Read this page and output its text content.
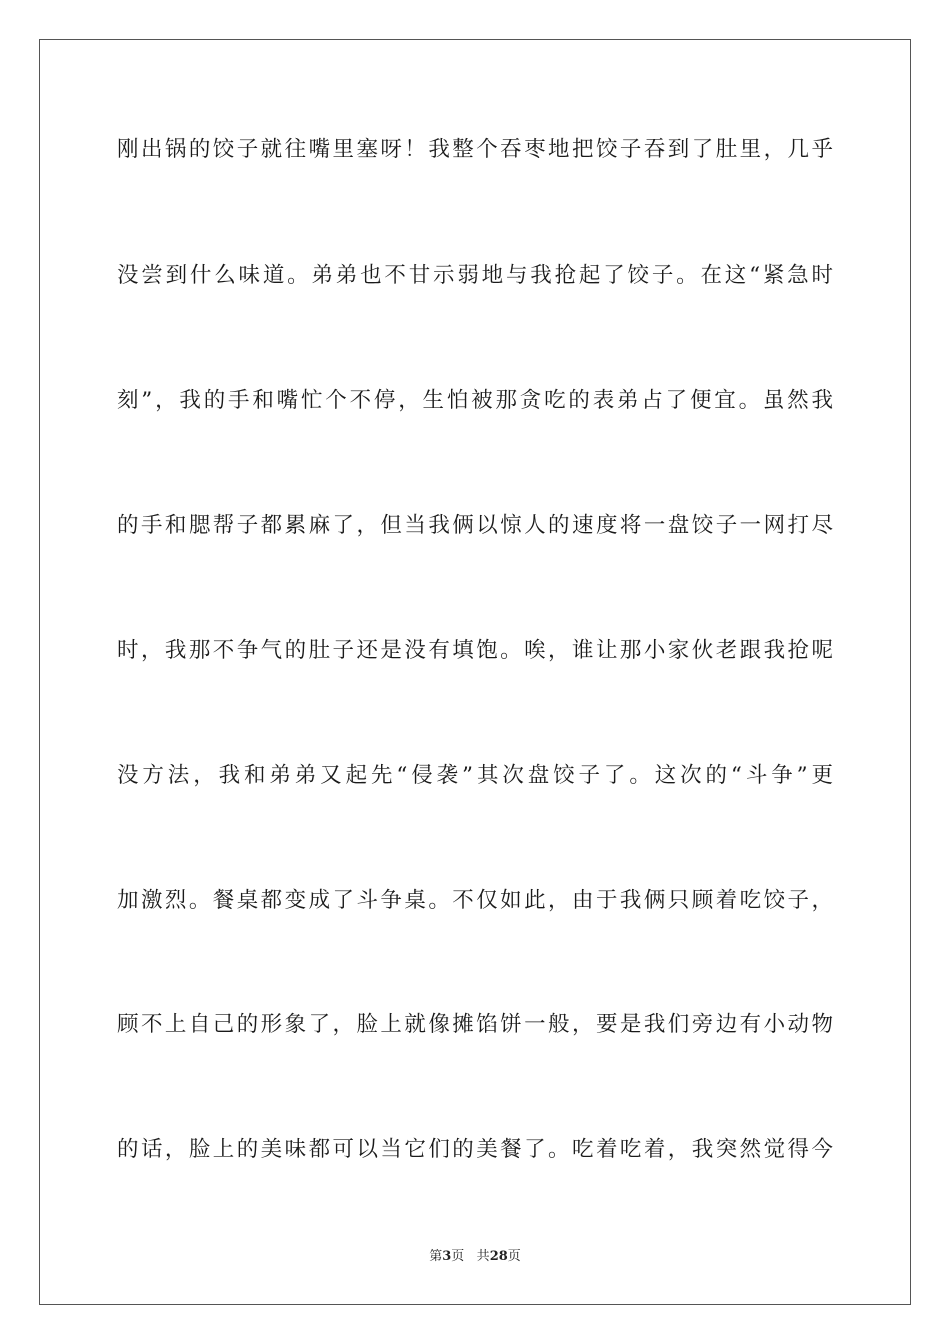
刚出锅的饺子就往嘴里塞呀！我整个吞枣地把饺子吞到了肚里，几乎
没尝到什么味道。弟弟也不甘示弱地与我抢起了饺子。在这“紧急时
刻”，我的手和嘴忙个不停，生怕被那贪吃的表弟占了便宜。虽然我
的手和腮帮子都累麻了，但当我俩以惊人的速度将一盘饺子一网打尽
时，我那不争气的肚子还是没有填饱。唉，谁让那小家伙老跟我抢呢
没方法，我和弟弟又起先“侵袭”其次盘饺子了。这次的“斗争”更
加激烈。餐桌都变成了斗争桌。不仅如此，由于我俩只顾着吃饺子，
顾不上自己的形象了，脸上就像摊馅饼一般，要是我们旁边有小动物
的话，脸上的美味都可以当它们的美餐了。吃着吃着，我突然觉得今
第3页 共28页
